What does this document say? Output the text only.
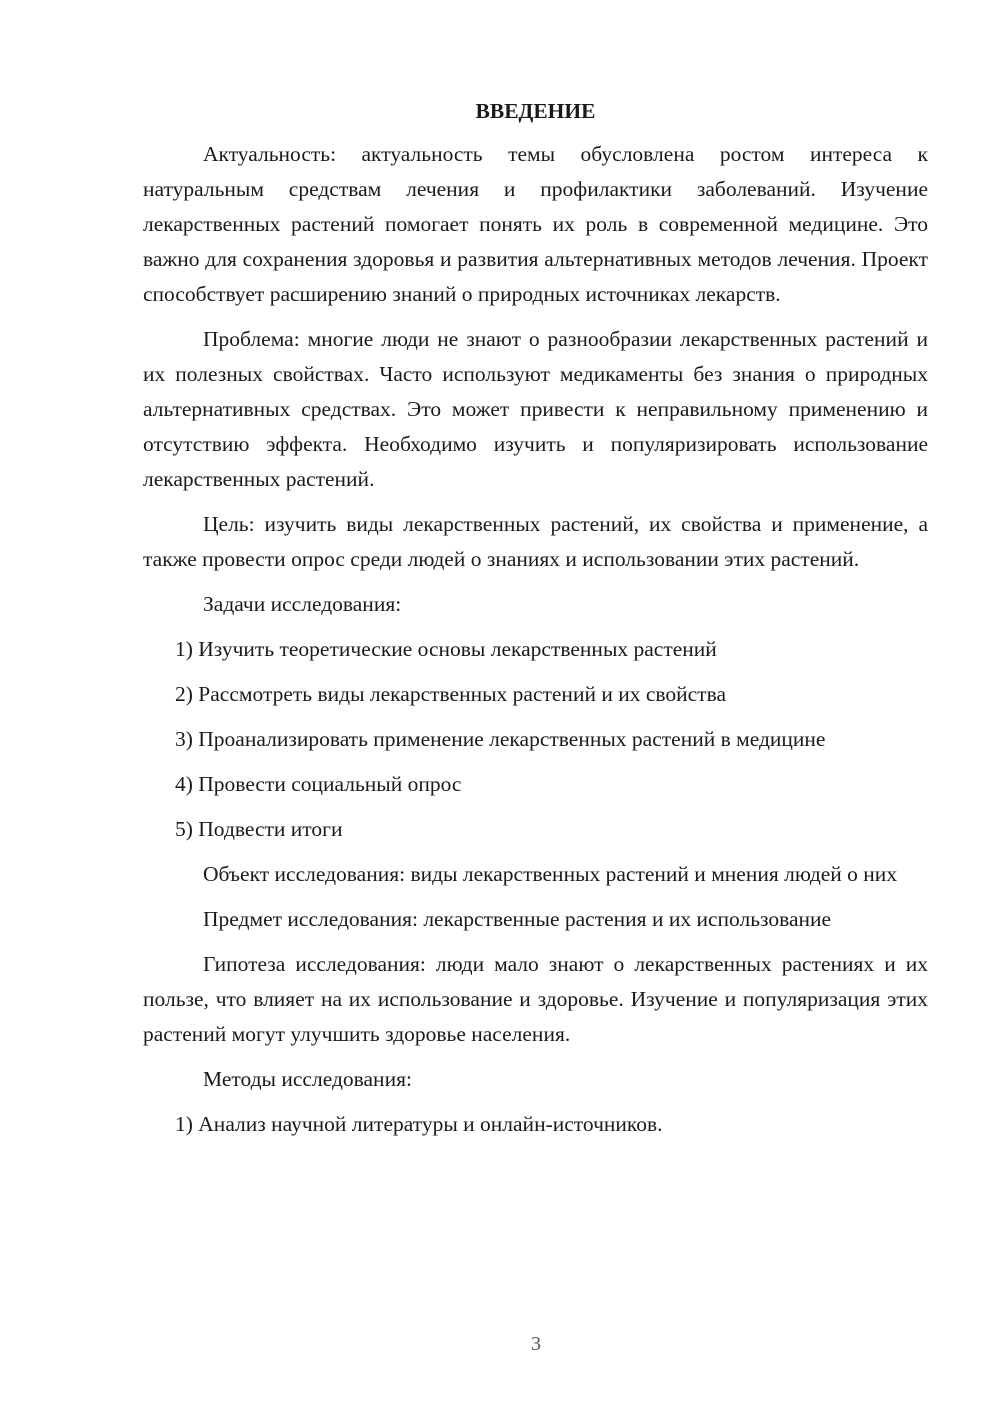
ВВЕДЕНИЕ

Актуальность: актуальность темы обусловлена ростом интереса к натуральным средствам лечения и профилактики заболеваний. Изучение лекарственных растений помогает понять их роль в современной медицине. Это важно для сохранения здоровья и развития альтернативных методов лечения. Проект способствует расширению знаний о природных источниках лекарств.

Проблема: многие люди не знают о разнообразии лекарственных растений и их полезных свойствах. Часто используют медикаменты без знания о природных альтернативных средствах. Это может привести к неправильному применению и отсутствию эффекта. Необходимо изучить и популяризировать использование лекарственных растений.

Цель: изучить виды лекарственных растений, их свойства и применение, а также провести опрос среди людей о знаниях и использовании этих растений.

Задачи исследования:

1) Изучить теоретические основы лекарственных растений
2) Рассмотреть виды лекарственных растений и их свойства
3) Проанализировать применение лекарственных растений в медицине
4) Провести социальный опрос
5) Подвести итоги

Объект исследования: виды лекарственных растений и мнения людей о них

Предмет исследования: лекарственные растения и их использование

Гипотеза исследования: люди мало знают о лекарственных растениях и их пользе, что влияет на их использование и здоровье. Изучение и популяризация этих растений могут улучшить здоровье населения.

Методы исследования:

1) Анализ научной литературы и онлайн-источников.
3
